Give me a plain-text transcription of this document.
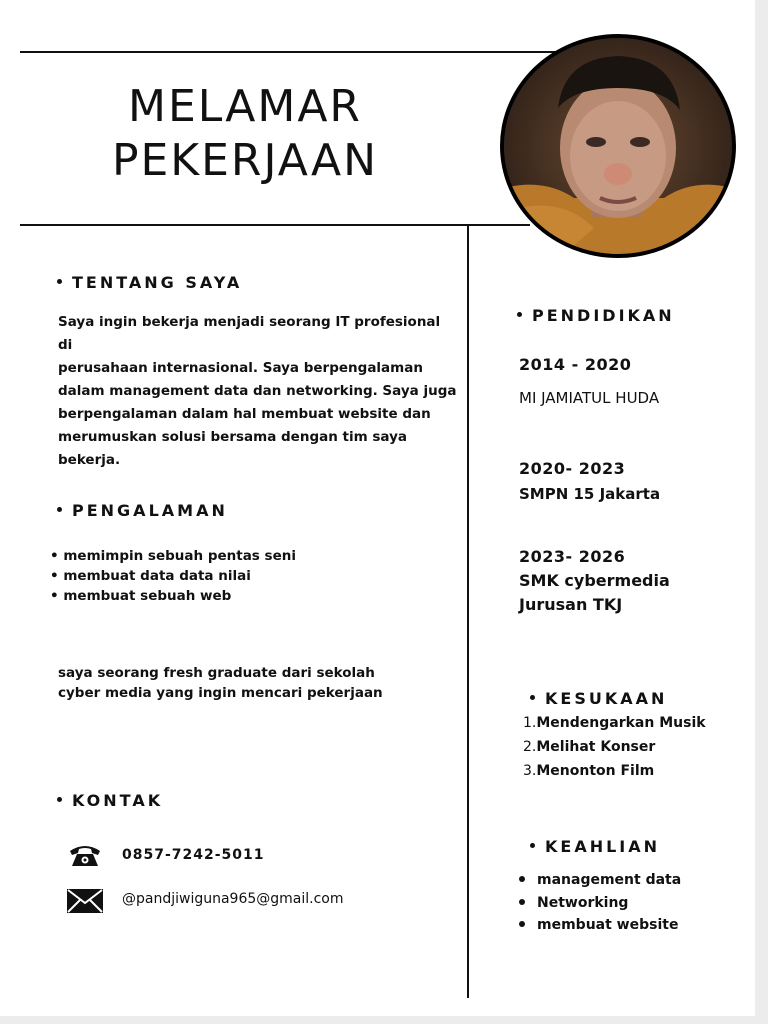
MELAMAR
PEKERJAAN
TENTANG SAYA
Saya ingin bekerja menjadi seorang IT profesional di
perusahaan internasional. Saya berpengalaman
dalam management data dan networking. Saya juga
berpengalaman dalam hal membuat website dan
merumuskan solusi bersama dengan tim saya
bekerja.
PENGALAMAN
• memimpin sebuah pentas seni
• membuat data data nilai
• membuat sebuah web
saya seorang fresh graduate dari sekolah
cyber media yang ingin mencari pekerjaan
KONTAK
0857-7242-5011
@pandjiwiguna965@gmail.com
PENDIDIKAN
2014 - 2020
MI JAMIATUL HUDA
2020- 2023
SMPN 15 Jakarta
2023- 2026
SMK cybermedia
Jurusan TKJ
KESUKAAN
1.Mendengarkan Musik
2.Melihat Konser
3.Menonton Film
KEAHLIAN
management data
Networking
membuat website
